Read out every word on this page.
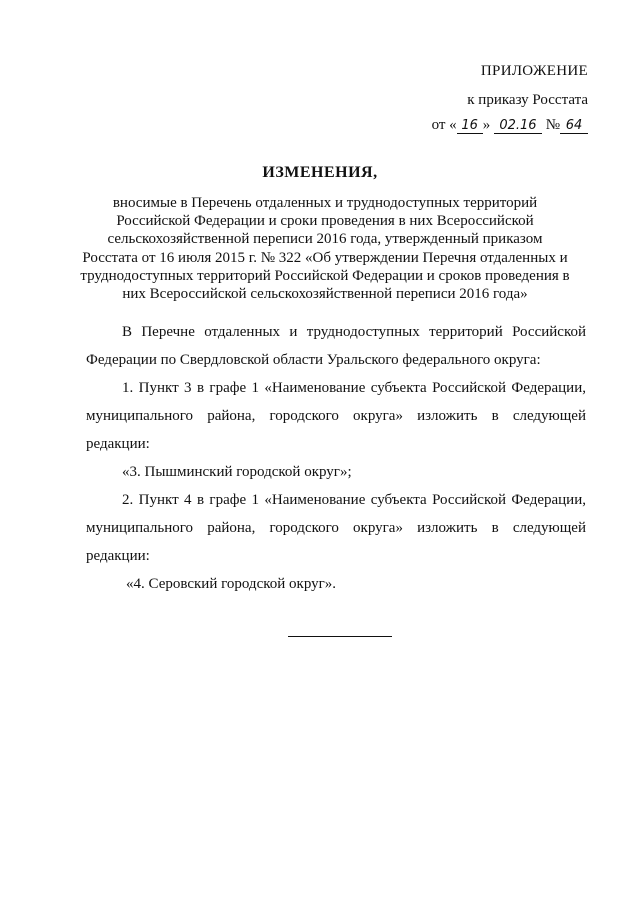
ПРИЛОЖЕНИЕ
к приказу Росстата
от « 16 » 02.16 № 64
ИЗМЕНЕНИЯ,
вносимые в Перечень отдаленных и труднодоступных территорий Российской Федерации и сроки проведения в них Всероссийской сельскохозяйственной переписи 2016 года, утвержденный приказом Росстата от 16 июля 2015 г. № 322 «Об утверждении Перечня отдаленных и труднодоступных территорий Российской Федерации и сроков проведения в них Всероссийской сельскохозяйственной переписи 2016 года»

В Перечне отдаленных и труднодоступных территорий Российской Федерации по Свердловской области Уральского федерального округа:

1. Пункт 3 в графе 1 «Наименование субъекта Российской Федерации, муниципального района, городского округа» изложить в следующей редакции:

«3. Пышминский городской округ»;

2. Пункт 4 в графе 1 «Наименование субъекта Российской Федерации, муниципального района, городского округа» изложить в следующей редакции:

«4. Серовский городской округ».
